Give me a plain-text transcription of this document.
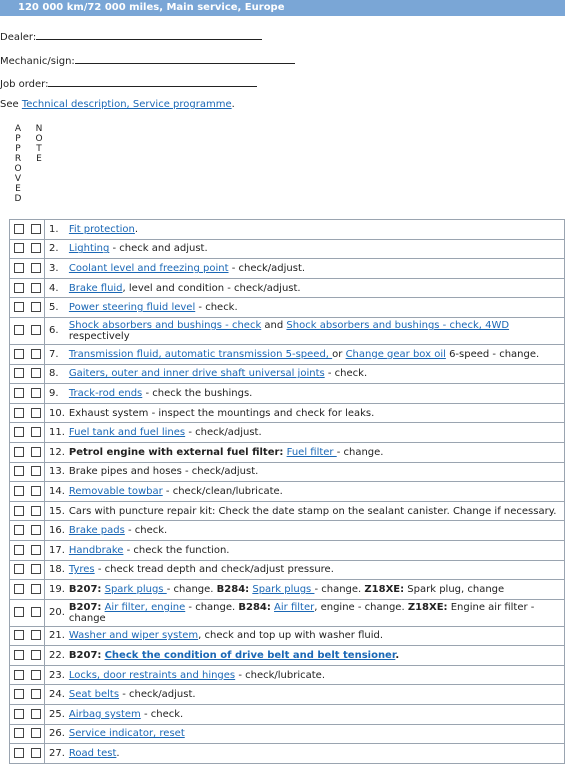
120 000 km/72 000 miles, Main service, Europe
Dealer:
Mechanic/sign:
Job order:
See Technical description, Service programme.
A
P
P
R
O
V
E
D
N
O
T
E
		1.	Fit protection.
		2.	Lighting - check and adjust.
		3.	Coolant level and freezing point - check/adjust.
		4.	Brake fluid, level and condition - check/adjust.
		5.	Power steering fluid level - check.
		6.	Shock absorbers and bushings - check and Shock absorbers and bushings - check, 4WD respectively
		7.	Transmission fluid, automatic transmission 5-speed, or Change gear box oil 6-speed - change.
		8.	Gaiters, outer and inner drive shaft universal joints - check.
		9.	Track-rod ends - check the bushings.
		10.	Exhaust system - inspect the mountings and check for leaks.
		11.	Fuel tank and fuel lines - check/adjust.
		12.	Petrol engine with external fuel filter: Fuel filter - change.
		13.	Brake pipes and hoses - check/adjust.
		14.	Removable towbar - check/clean/lubricate.
		15.	Cars with puncture repair kit: Check the date stamp on the sealant canister. Change if necessary.
		16.	Brake pads - check.
		17.	Handbrake - check the function.
		18.	Tyres - check tread depth and check/adjust pressure.
		19.	B207: Spark plugs - change. B284: Spark plugs - change. Z18XE: Spark plug, change
		20.	B207: Air filter, engine - change. B284: Air filter, engine - change. Z18XE: Engine air filter - change
		21.	Washer and wiper system, check and top up with washer fluid.
		22.	B207: Check the condition of drive belt and belt tensioner.
		23.	Locks, door restraints and hinges - check/lubricate.
		24.	Seat belts - check/adjust.
		25.	Airbag system - check.
		26.	Service indicator, reset
		27.	Road test.
